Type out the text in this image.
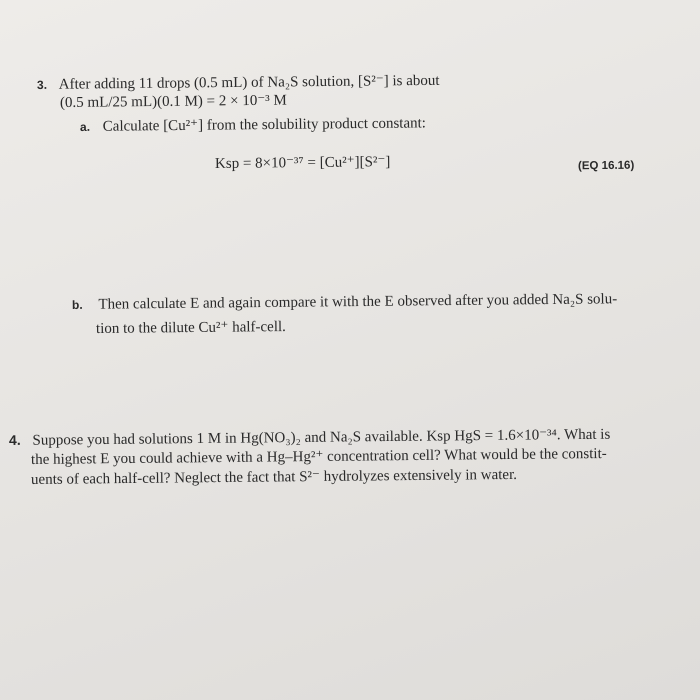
3. After adding 11 drops (0.5 mL) of Na₂S solution, [S²⁻] is about
(0.5 mL/25 mL)(0.1 M) = 2 × 10⁻³ M
a. Calculate [Cu²⁺] from the solubility product constant:
Ksp = 8×10⁻³⁷ = [Cu²⁺][S²⁻]	(EQ 16.16)
b. Then calculate E and again compare it with the E observed after you added Na₂S solu-
tion to the dilute Cu²⁺ half-cell.
4. Suppose you had solutions 1 M in Hg(NO₃)₂ and Na₂S available. Ksp HgS = 1.6×10⁻³⁴. What is
the highest E you could achieve with a Hg–Hg²⁺ concentration cell? What would be the constit-
uents of each half-cell? Neglect the fact that S²⁻ hydrolyzes extensively in water.
